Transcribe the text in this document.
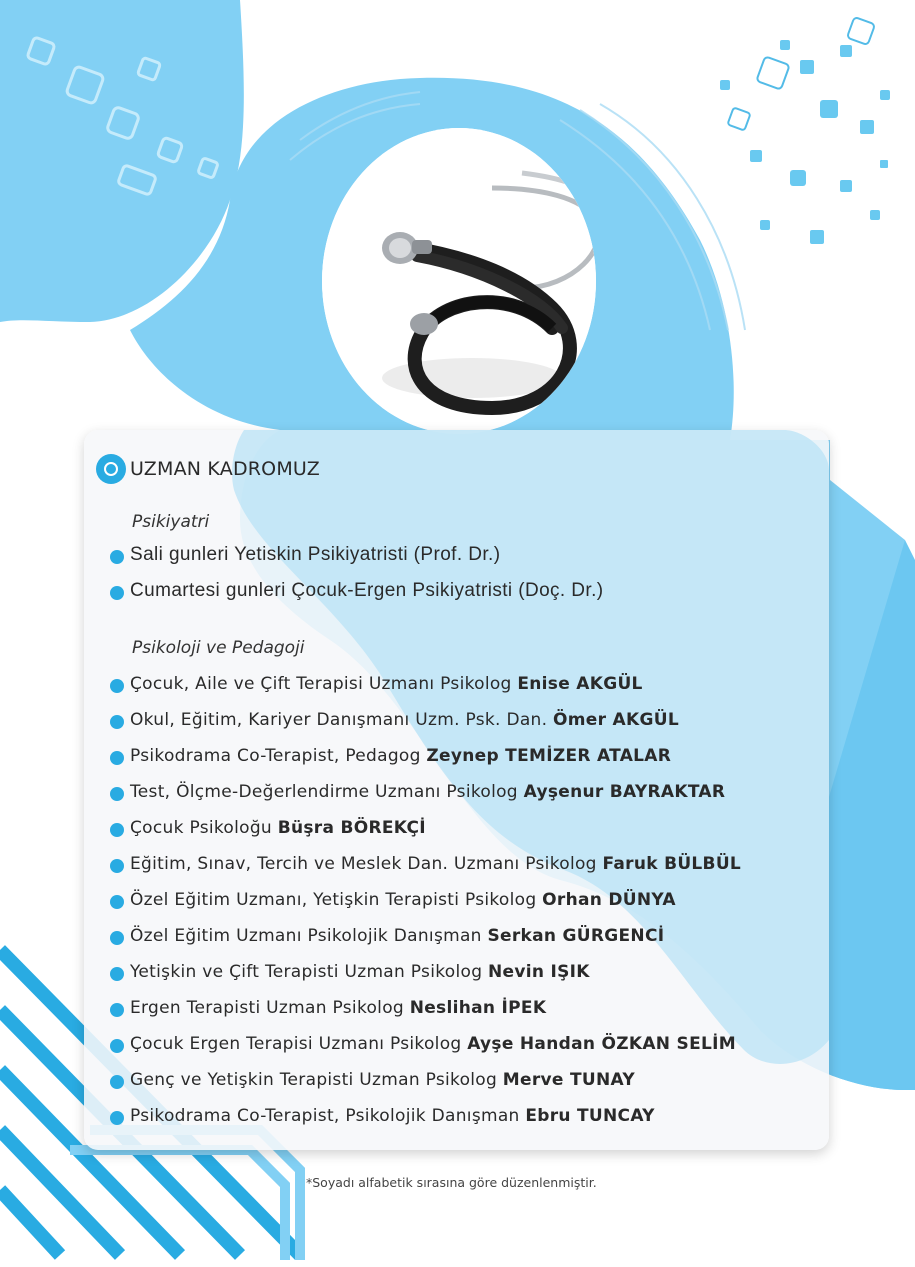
UZMAN KADROMUZ
Psikiyatri
Sali gunleri Yetiskin Psikiyatristi (Prof. Dr.)
Cumartesi gunleri Çocuk-Ergen Psikiyatristi (Doç. Dr.)
Psikoloji ve Pedagoji
Çocuk, Aile ve Çift Terapisi Uzmanı Psikolog Enise AKGÜL
Okul, Eğitim, Kariyer Danışmanı Uzm. Psk. Dan. Ömer AKGÜL
Psikodrama Co-Terapist, Pedagog Zeynep TEMİZER ATALAR
Test, Ölçme-Değerlendirme Uzmanı Psikolog Ayşenur BAYRAKTAR
Çocuk Psikoloğu Büşra BÖREKÇİ
Eğitim, Sınav, Tercih ve Meslek Dan. Uzmanı Psikolog Faruk BÜLBÜL
Özel Eğitim Uzmanı, Yetişkin Terapisti Psikolog Orhan DÜNYA
Özel Eğitim Uzmanı Psikolojik Danışman Serkan GÜRGENCİ
Yetişkin ve Çift Terapisti Uzman Psikolog Nevin IŞIK
Ergen Terapisti Uzman Psikolog Neslihan İPEK
Çocuk Ergen Terapisi Uzmanı Psikolog Ayşe Handan ÖZKAN SELİM
Genç ve Yetişkin Terapisti Uzman Psikolog Merve TUNAY
Psikodrama Co-Terapist, Psikolojik Danışman Ebru TUNCAY
*Soyadı alfabetik sırasına göre düzenlenmiştir.
